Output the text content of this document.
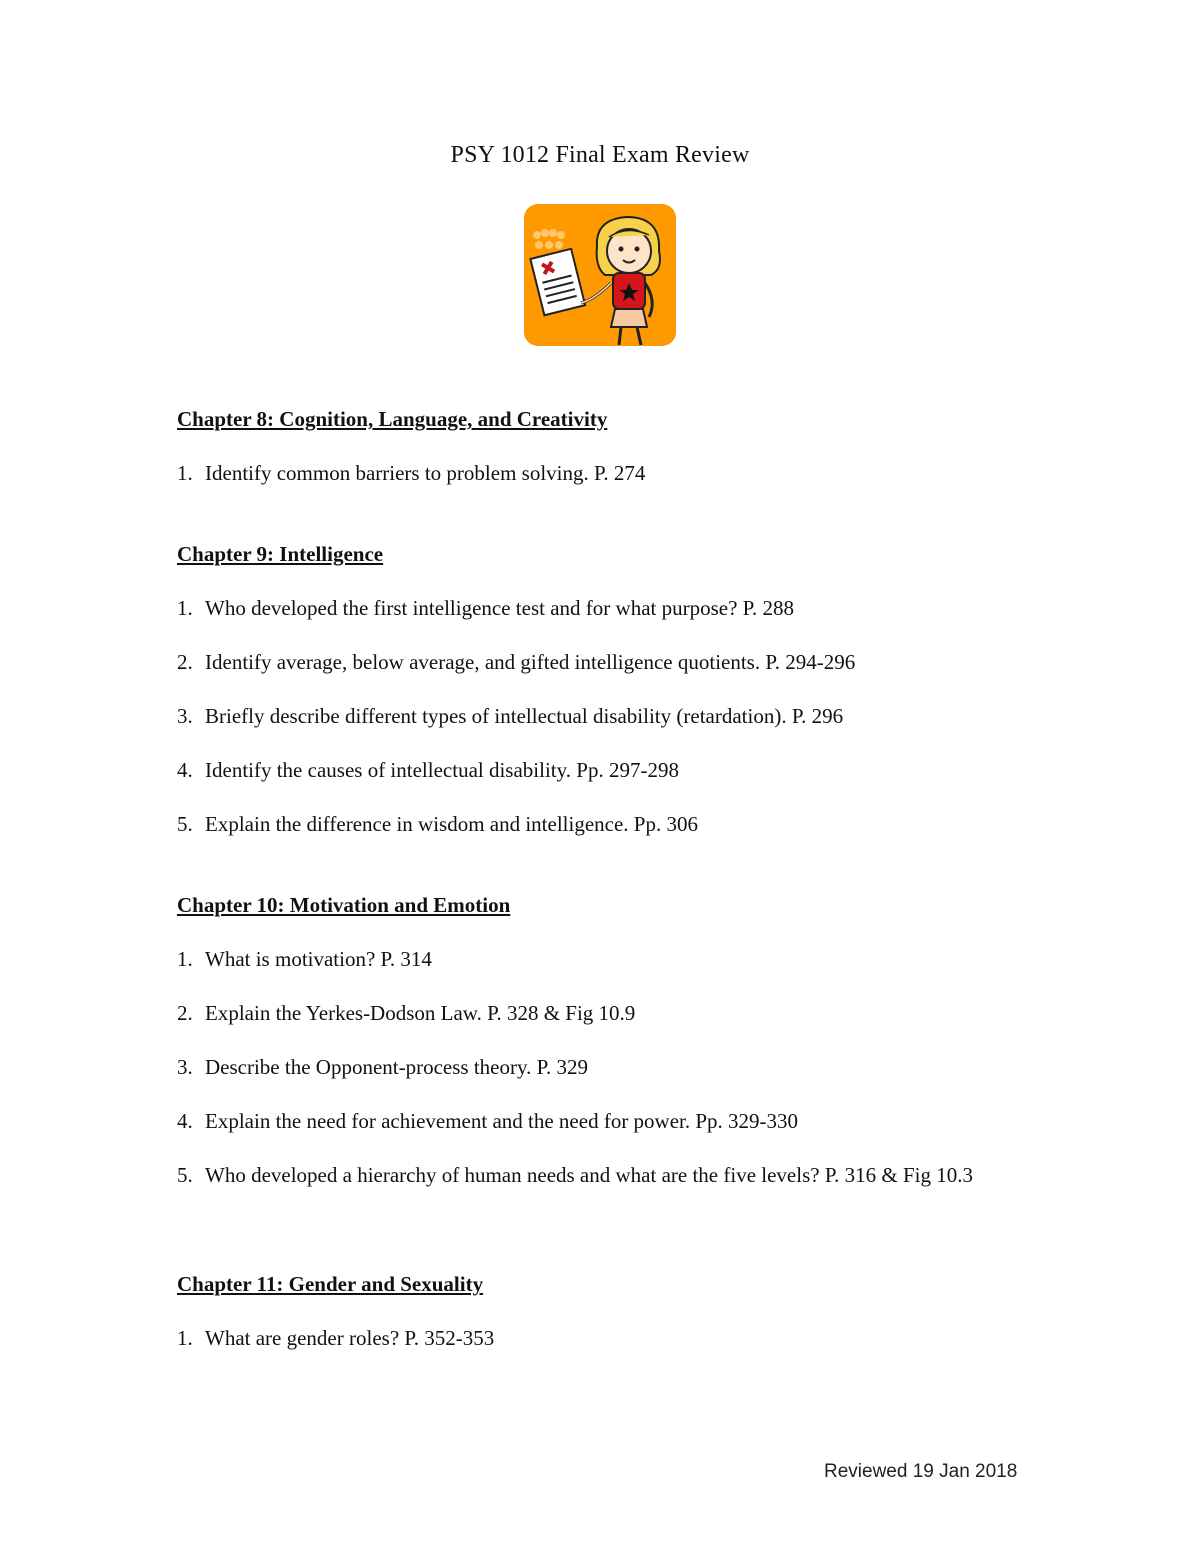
PSY 1012 Final Exam Review
Chapter 8: Cognition, Language, and Creativity
1. Identify common barriers to problem solving. P. 274
Chapter 9: Intelligence
1. Who developed the first intelligence test and for what purpose? P. 288
2. Identify average, below average, and gifted intelligence quotients. P. 294-296
3. Briefly describe different types of intellectual disability (retardation). P. 296
4. Identify the causes of intellectual disability. Pp. 297-298
5. Explain the difference in wisdom and intelligence. Pp. 306
Chapter 10: Motivation and Emotion
1. What is motivation? P. 314
2. Explain the Yerkes-Dodson Law. P. 328 & Fig 10.9
3. Describe the Opponent-process theory. P. 329
4. Explain the need for achievement and the need for power. Pp. 329-330
5. Who developed a hierarchy of human needs and what are the five levels? P. 316 & Fig 10.3
Chapter 11: Gender and Sexuality
1. What are gender roles? P. 352-353
Reviewed 19 Jan 2018
